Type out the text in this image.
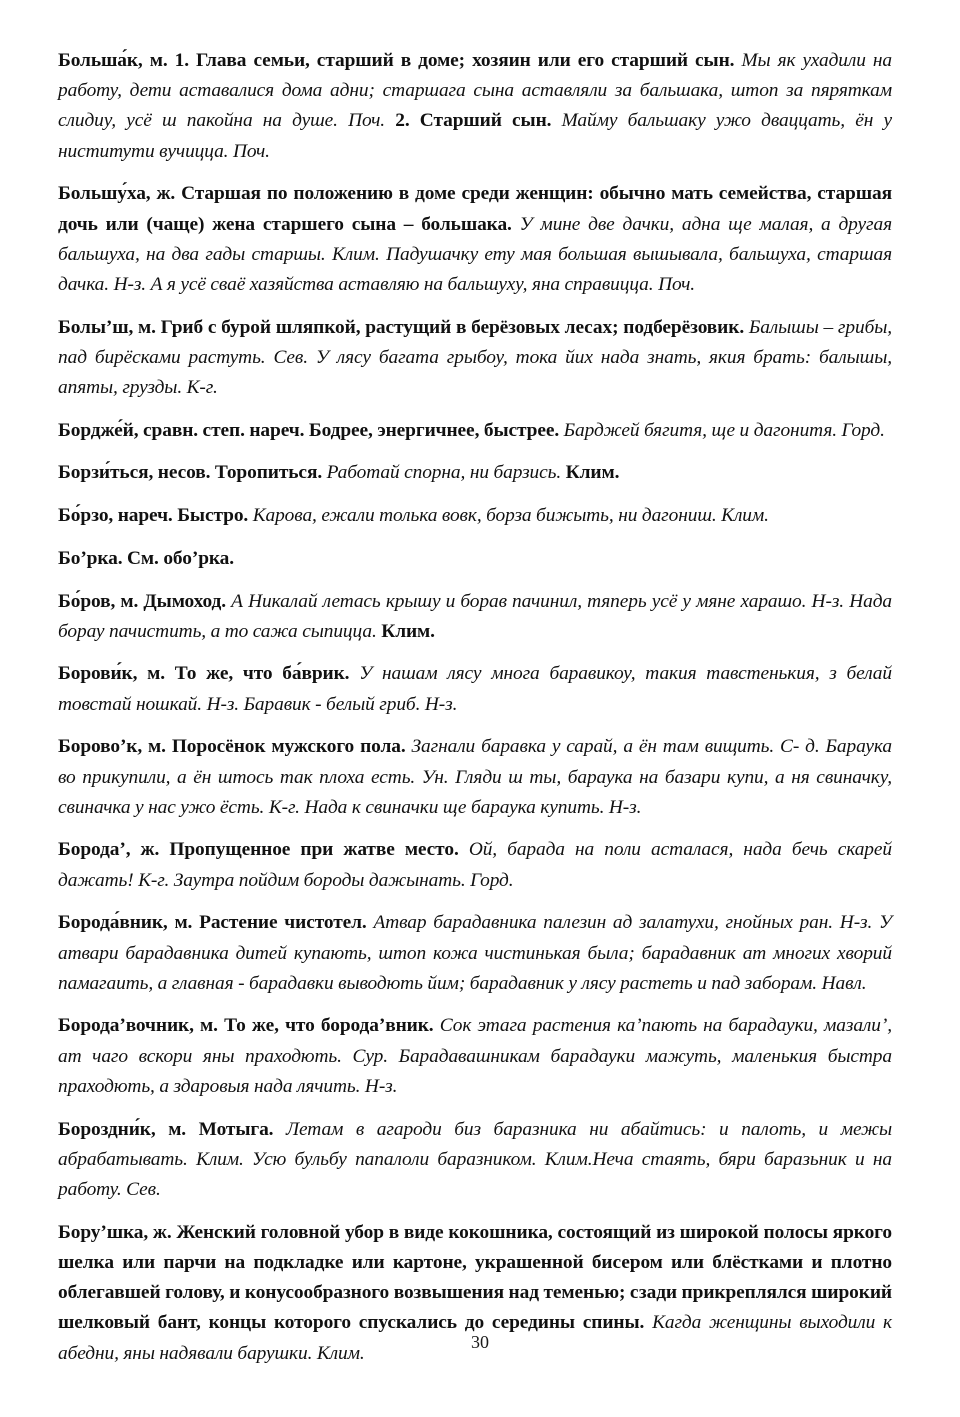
Больша́к, м. 1. Глава семьи, старший в доме; хозяин или его старший сын. Мы як ухадили на работу, дети аставалися дома адни; старшага сына аставляли за бальшака, штоп за пяряткам слидиу, усё ш пакойна на душе. Поч. 2. Старший сын. Майму бальшаку ужо дваццать, ён у ниститути вучицца. Поч.

Большу́ха, ж. Старшая по положению в доме среди женщин: обычно мать семейства, старшая дочь или (чаще) жена старшего сына – большака. У мине две дачки, адна ще малая, а другая бальшуха, на два гады старшы. Клим. Падушачку ету мая большая вышывала, бальшуха, старшая дачка. Н-з. А я усё сваё хазяйства аставляю на бальшуху, яна справицца. Поч.

Болы’ш, м. Гриб с бурой шляпкой, растущий в берёзовых лесах; подберёзовик. Балышы – грибы, пад бирёсками растуть. Сев. У лясу багата грыбоу, тока йих нада знать, якия брать: балышы, апяты, грузды. К-г.

Бордже́й, сравн. степ. нареч. Бодрее, энергичнее, быстрее. Барджей бягитя, ще и дагонитя. Горд.

Борзи́ться, несов. Торопиться. Работай спорна, ни барзись. Клим.

Бо́рзо, нареч. Быстро. Карова, ежали толька вовк, борза бижыть, ни дагониш. Клим.

Бо’рка. См. обо’рка.

Бо́ров, м. Дымоход. А Никалай летась крышу и борав пачинил, тяперь усё у мяне харашо. Н-з. Нада борау пачистить, а то сажа сыпицца. Клим.

Борови́к, м. То же, что ба́врик. У нашам лясу многа баравикоу, такия тавстенькия, з белай товстай ношкай. Н-з. Баравик - белый гриб. Н-з.

Борово’к, м. Поросёнок мужского пола. Загнали баравка у сарай, а ён там вищить. С- д. Бараука во прикупили, а ён штось так плоха есть. Ун. Гляди ш ты, бараука на базари купи, а ня свиначку, свиначка у нас ужо ёсть. К-г. Нада к свиначки ще бараука купить. Н-з.

Борода’, ж. Пропущенное при жатве место. Ой, барада на поли асталася, нада бечь скарей дажать! К-г. Заутра пойдим бороды дажынать. Горд.

Борода́вник, м. Растение чистотел. Атвар барадавника палезин ад залатухи, гнойных ран. Н-з. У атвари барадавника дитей купають, штоп кожа чистинькая была; барадавник ат многих хворий памагаить, а главная - барадавки выводють йим; барадавник у лясу растеть и пад заборам. Навл.

Борода’вочник, м. То же, что борода’вник. Сок этага растения ка’пають на барадауки, мазали’, ат чаго вскори яны праходють. Сур. Барадавашникам барадауки мажуть, маленькия быстра праходють, а здаровыя нада лячить. Н-з.

Бороздни́к, м. Мотыга. Летам в агароди биз баразника ни абайтись: и палоть, и межы абрабатывать. Клим. Усю бульбу папалоли баразником. Клим.Неча стаять, бяри баразьник и на работу. Сев.

Бору’шка, ж. Женский головной убор в виде кокошника, состоящий из широкой полосы яркого шелка или парчи на подкладке или картоне, украшенной бисером или блёстками и плотно облегавшей голову, и конусообразного возвышения над теменью; сзади прикреплялся широкий шелковый бант, концы которого спускались до середины спины. Кагда женщины выходили к абедни, яны надявали барушки. Клим.

30
